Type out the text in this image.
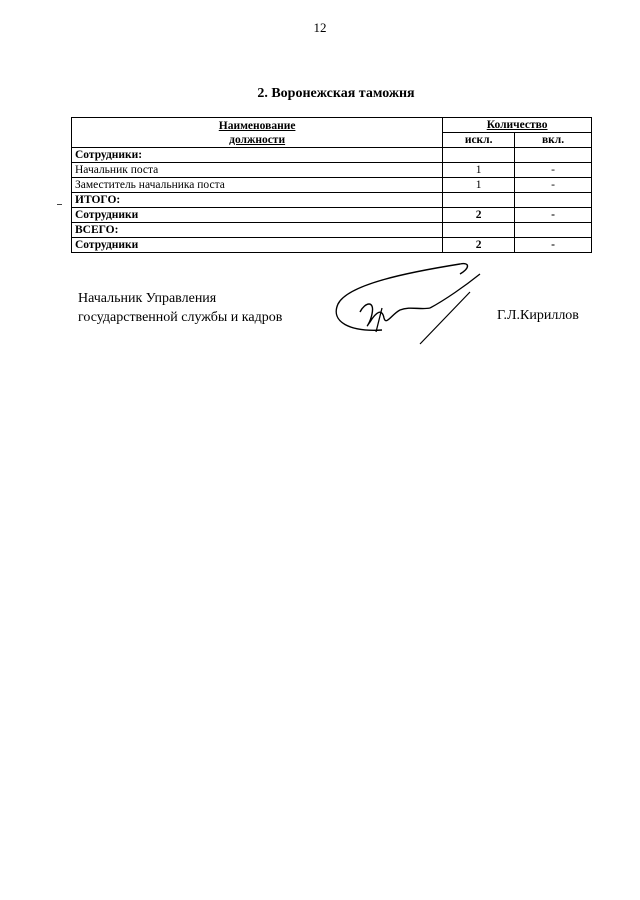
12
2. Воронежская таможня
Наименование
должности	Количество	
	искл.	вкл.
Сотрудники:		
Начальник поста	1	-
Заместитель начальника поста	1	-
ИТОГО:		
Сотрудники	2	-
ВСЕГО:		
Сотрудники	2	-
Начальник Управления
государственной службы и кадров	Г.Л.Кириллов
